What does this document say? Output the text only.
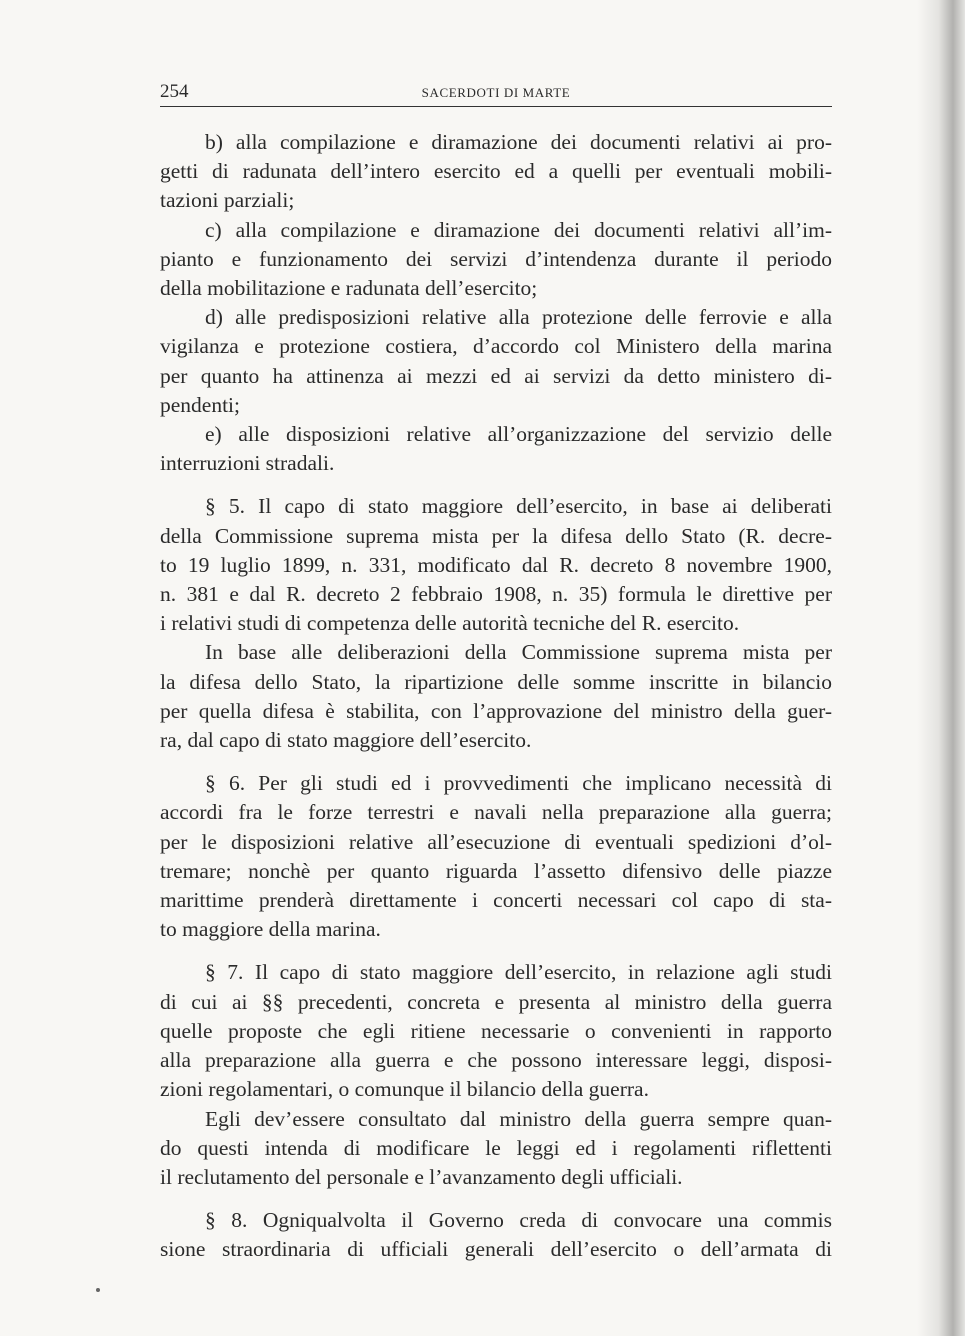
254	SACERDOTI DI MARTE

b) alla compilazione e diramazione dei documenti relativi ai pro-
getti di radunata dell’intero esercito ed a quelli per eventuali mobili-
tazioni parziali;

c) alla compilazione e diramazione dei documenti relativi all’im-
pianto e funzionamento dei servizi d’intendenza durante il periodo
della mobilitazione e radunata dell’esercito;

d) alle predisposizioni relative alla protezione delle ferrovie e alla
vigilanza e protezione costiera, d’accordo col Ministero della marina
per quanto ha attinenza ai mezzi ed ai servizi da detto ministero di-
pendenti;

e) alle disposizioni relative all’organizzazione del servizio delle
interruzioni stradali.

§ 5. Il capo di stato maggiore dell’esercito, in base ai deliberati
della Commissione suprema mista per la difesa dello Stato (R. decre-
to 19 luglio 1899, n. 331, modificato dal R. decreto 8 novembre 1900,
n. 381 e dal R. decreto 2 febbraio 1908, n. 35) formula le direttive per
i relativi studi di competenza delle autorità tecniche del R. esercito.

In base alle deliberazioni della Commissione suprema mista per
la difesa dello Stato, la ripartizione delle somme inscritte in bilancio
per quella difesa è stabilita, con l’approvazione del ministro della guer-
ra, dal capo di stato maggiore dell’esercito.

§ 6. Per gli studi ed i provvedimenti che implicano necessità di
accordi fra le forze terrestri e navali nella preparazione alla guerra;
per le disposizioni relative all’esecuzione di eventuali spedizioni d’ol-
tremare; nonchè per quanto riguarda l’assetto difensivo delle piazze
marittime prenderà direttamente i concerti necessari col capo di sta-
to maggiore della marina.

§ 7. Il capo di stato maggiore dell’esercito, in relazione agli studi
di cui ai §§ precedenti, concreta e presenta al ministro della guerra
quelle proposte che egli ritiene necessarie o convenienti in rapporto
alla preparazione alla guerra e che possono interessare leggi, disposi-
zioni regolamentari, o comunque il bilancio della guerra.

Egli dev’essere consultato dal ministro della guerra sempre quan-
do questi intenda di modificare le leggi ed i regolamenti riflettenti
il reclutamento del personale e l’avanzamento degli ufficiali.

§ 8. Ogniqualvolta il Governo creda di convocare una commis
sione straordinaria di ufficiali generali dell’esercito o dell’armata di
